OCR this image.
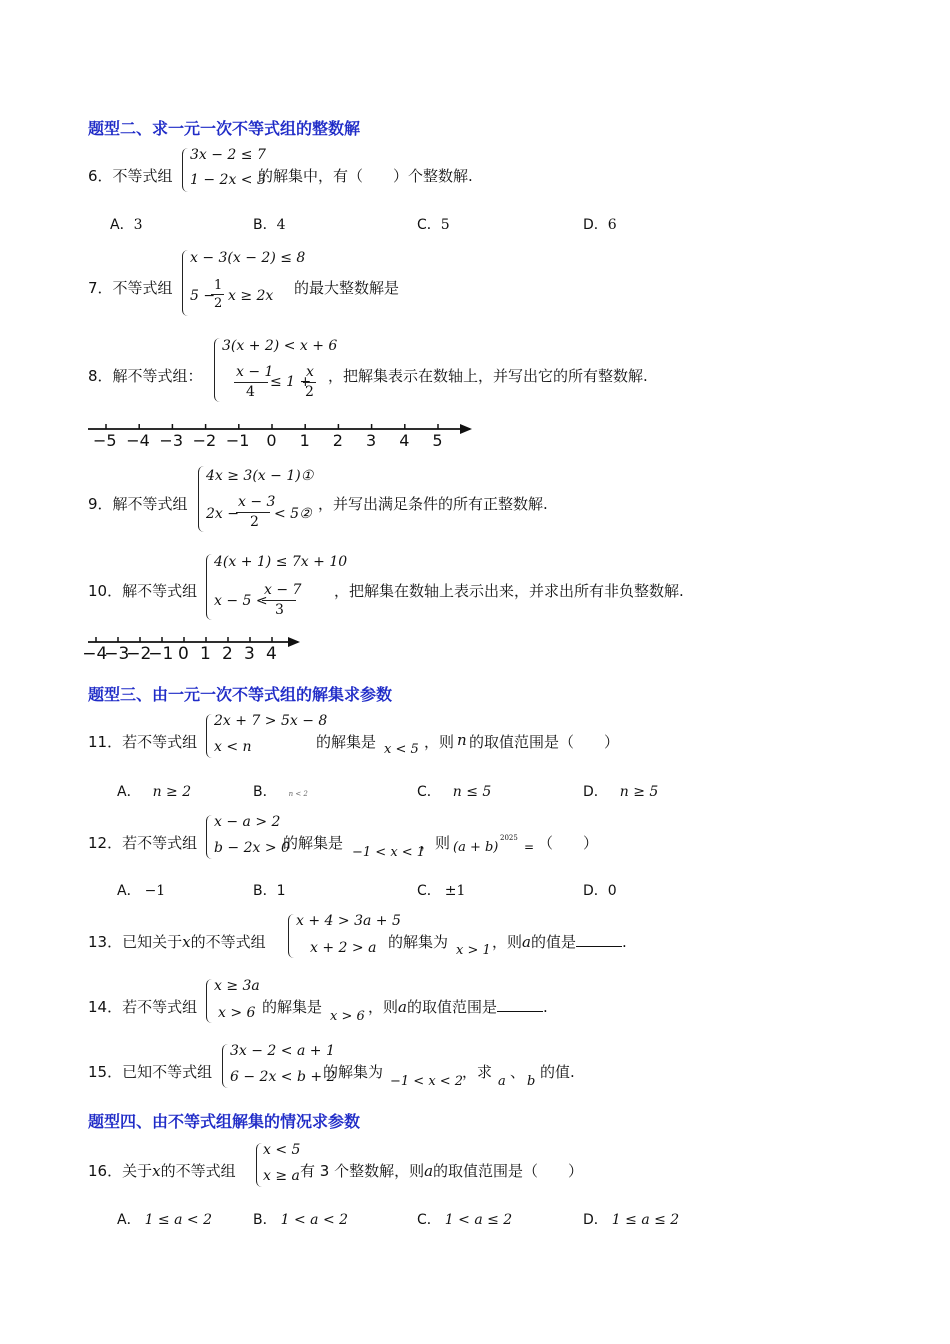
题型二、求一元一次不等式组的整数解
6．不等式组
3x − 2 ≤ 7
1 − 2x < 3
的解集中，有（　　）个整数解.
A．3	B．4	C．5	D．6
7．不等式组
x − 3(x − 2) ≤ 8
5 −
1
2 x ≥ 2x 的最大整数解是
8．解不等式组：
3(x + 2) < x + 6
x − 1
4
≤ 1 +
x
2
，把解集表示在数轴上，并写出它的所有整数解.
−5 −4 −3 −2 −1 0 1 2 3 4 5
9．解不等式组
4x ≥ 3(x − 1)①
2x −
x − 3
2 < 5②
，并写出满足条件的所有正整数解.
10．解不等式组
4(x + 1) ≤ 7x + 10
x − 5 <
x − 7
3
，把解集在数轴上表示出来，并求出所有非负整数解.
−4
−3
−2
−1 0 1 2 3 4
题型三、由一元一次不等式组的解集求参数
11．若不等式组
2x + 7 > 5x − 8
x < n	的解集是 x < 5 ，则 n 的取值范围是（　　）
A． n ≥ 2	B． n < 2	C． n ≤ 5	D． n ≥ 5
12．若不等式组
x − a > 2
b − 2x > 0
的解集是
−1 < x < 1
，则 (a + b)
2025
= （　　）
A． −1	B．1	C． ±1	D．0
13．已知关于x的不等式组
x + 4 > 3a + 5
x + 2 > a 的解集为 x > 1 ，则a的值是	.
14．若不等式组
x ≥ 3a
x > 6 的解集是
x > 6
，则a的取值范围是	.
15．已知不等式组
3x − 2 < a + 1
6 − 2x < b + 2
的解集为
−1 < x < 2
，求
a
、
b
的值.
题型四、由不等式组解集的情况求参数
16．关于x的不等式组
x < 5
x ≥ a 有 3 个整数解，则a的取值范围是（　　）
A． 1 ≤ a < 2	B． 1 < a < 2	C． 1 < a ≤ 2	D． 1 ≤ a ≤ 2
